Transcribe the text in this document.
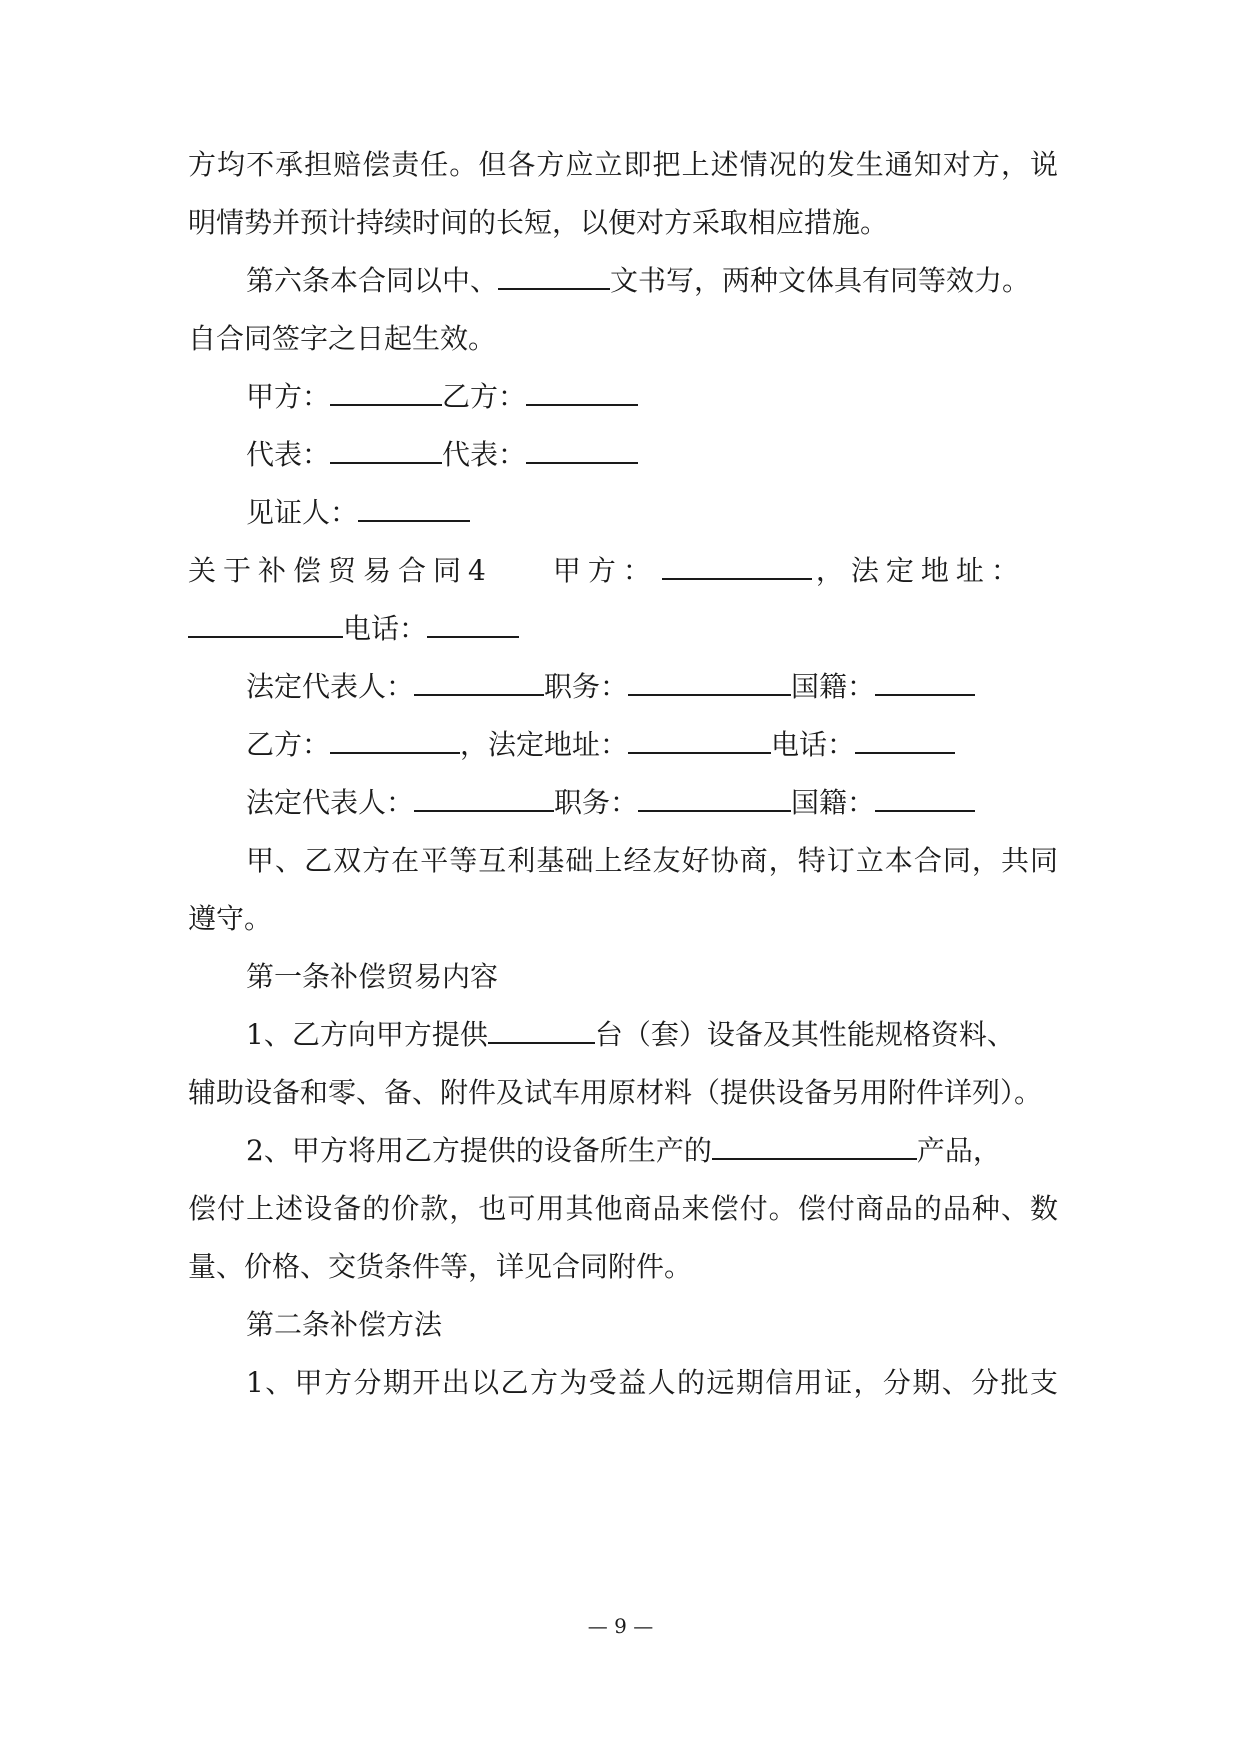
方均不承担赔偿责任。但各方应立即把上述情况的发生通知对方，说
明情势并预计持续时间的长短，以便对方采取相应措施。
第六条本合同以中、	文书写，两种文体具有同等效力。
自合同签字之日起生效。
甲方：	乙方：
代表：	代表：
见证人：
关于补偿贸易合同4 甲方：	，法定地址：
电话：
法定代表人：	职务：	国籍：
乙方：	，法定地址：	电话：
法定代表人：	职务：	国籍：
甲、乙双方在平等互利基础上经友好协商，特订立本合同，共同
遵守。
第一条补偿贸易内容
1、乙方向甲方提供	台（套）设备及其性能规格资料、
辅助设备和零、备、附件及试车用原材料（提供设备另用附件详列）。
2、甲方将用乙方提供的设备所生产的	产品，
偿付上述设备的价款，也可用其他商品来偿付。偿付商品的品种、数
量、价格、交货条件等，详见合同附件。
第二条补偿方法
1、甲方分期开出以乙方为受益人的远期信用证，分期、分批支
— 9 —
